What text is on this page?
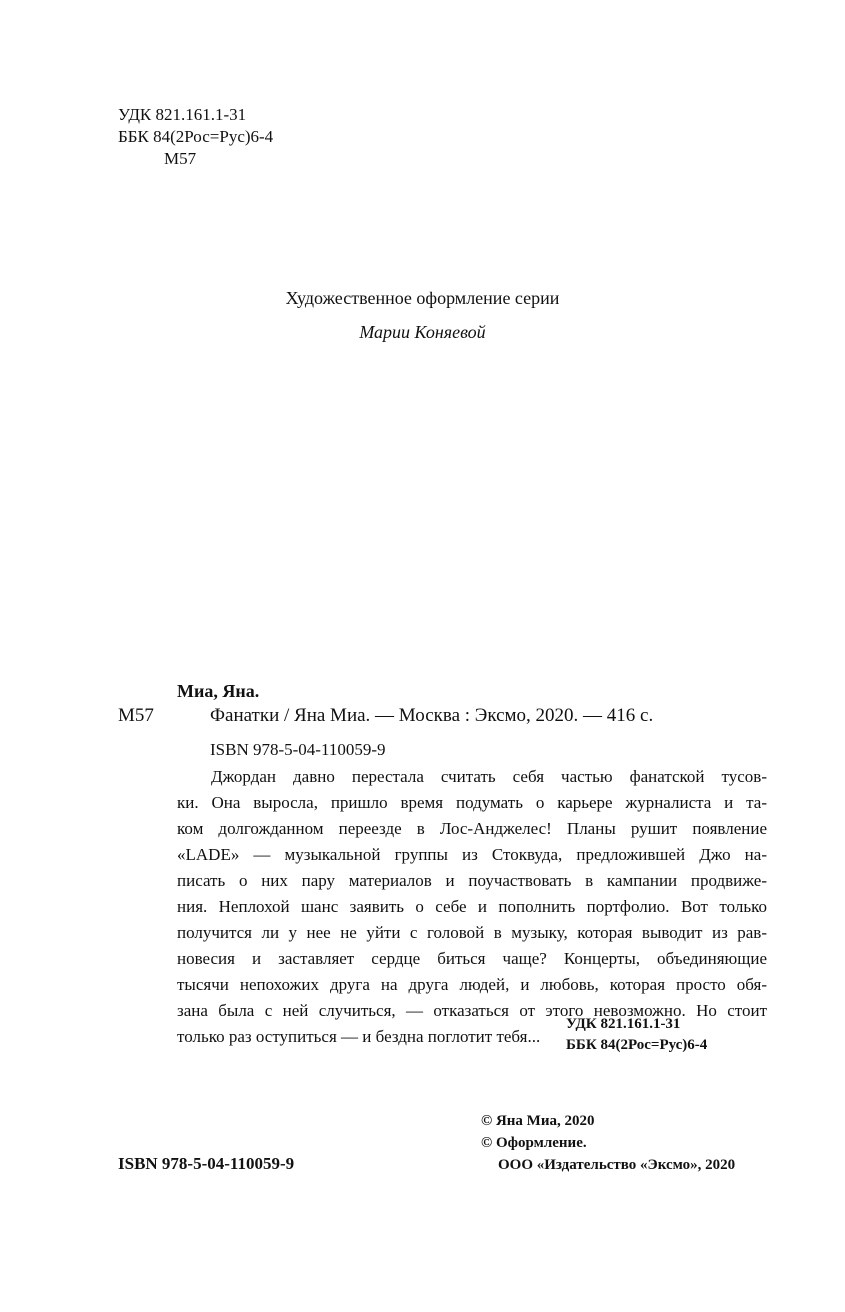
УДК 821.161.1-31
ББК 84(2Рос=Рус)6-4
М57
Художественное оформление серии
Марии Коняевой
Миа, Яна.
М57	Фанатки / Яна Миа. — Москва : Эксмо, 2020. — 416 с.
ISBN 978-5-04-110059-9
Джордан давно перестала считать себя частью фанатской тусов-
ки. Она выросла, пришло время подумать о карьере журналиста и та-
ком долгожданном переезде в Лос-Анджелес! Планы рушит появление
«LADE» — музыкальной группы из Стоквуда, предложившей Джо на-
писать о них пару материалов и поучаствовать в кампании продвиже-
ния. Неплохой шанс заявить о себе и пополнить портфолио. Вот только
получится ли у нее не уйти с головой в музыку, которая выводит из рав-
новесия и заставляет сердце биться чаще? Концерты, объединяющие
тысячи непохожих друга на друга людей, и любовь, которая просто обя-
зана была с ней случиться, — отказаться от этого невозможно. Но стоит
только раз оступиться — и бездна поглотит тебя...
УДК 821.161.1-31
ББК 84(2Рос=Рус)6-4
© Яна Миа, 2020
© Оформление.
ООО «Издательство «Эксмо», 2020
ISBN 978-5-04-110059-9
